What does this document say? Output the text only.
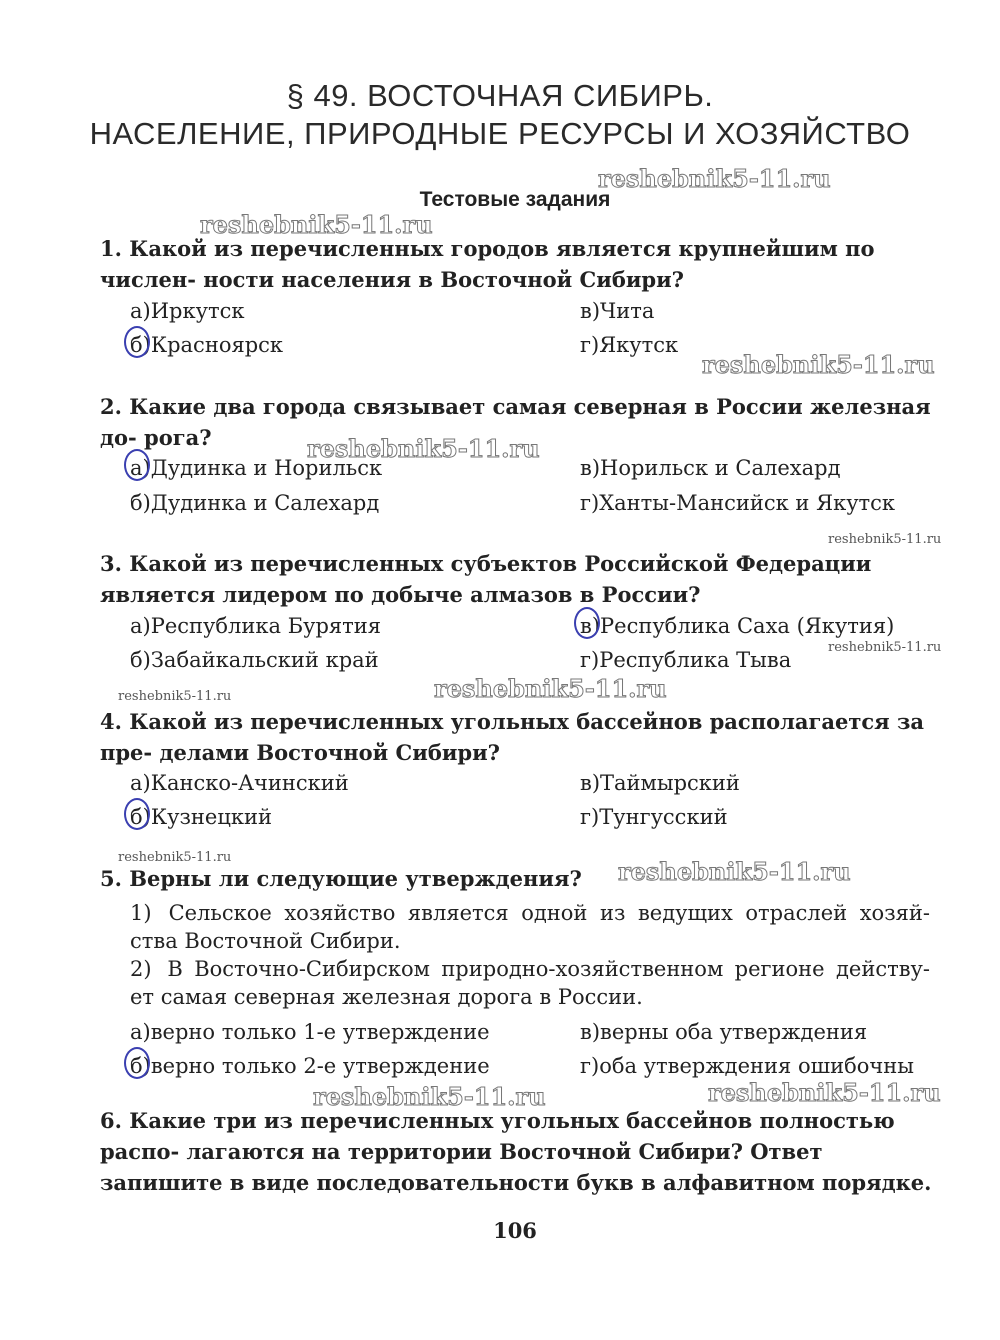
§ 49. ВОСТОЧНАЯ СИБИРЬ.
НАСЕЛЕНИЕ, ПРИРОДНЫЕ РЕСУРСЫ И ХОЗЯЙСТВО
Тестовые задания
1. Какой из перечисленных городов является крупнейшим по числен- ности населения в Восточной Сибири?
а)Иркутск
б)Красноярск
в)Чита
г)Якутск
2. Какие два города связывает самая северная в России железная до- рога?
а)Дудинка и Норильск
б)Дудинка и Салехард
в)Норильск и Салехард
г)Ханты-Мансийск и Якутск
3. Какой из перечисленных субъектов Российской Федерации является лидером по добыче алмазов в России?
а)Республика Бурятия
б)Забайкальский край
в)Республика Саха (Якутия)
г)Республика Тыва
4. Какой из перечисленных угольных бассейнов располагается за пре- делами Восточной Сибири?
а)Канско-Ачинский
б)Кузнецкий
в)Таймырский
г)Тунгусский
5. Верны ли следующие утверждения?
1) Сельское хозяйство является одной из ведущих отраслей хозяй- ства Восточной Сибири.
2) В Восточно-Сибирском природно-хозяйственном регионе действу- ет самая северная железная дорога в России.
а)верно только 1-е утверждение
б)верно только 2-е утверждение
в)верны оба утверждения
г)оба утверждения ошибочны
6. Какие три из перечисленных угольных бассейнов полностью распо- лагаются на территории Восточной Сибири? Ответ запишите в виде последовательности букв в алфавитном порядке.
106
reshebnik5-11.ru
reshebnik5-11.ru
reshebnik5-11.ru
reshebnik5-11.ru
reshebnik5-11.ru
reshebnik5-11.ru
reshebnik5-11.ru
reshebnik5-11.ru
reshebnik5-11.ru	reshebnik5-11.ru
reshebnik5-11.ru	reshebnik5-11.ru
